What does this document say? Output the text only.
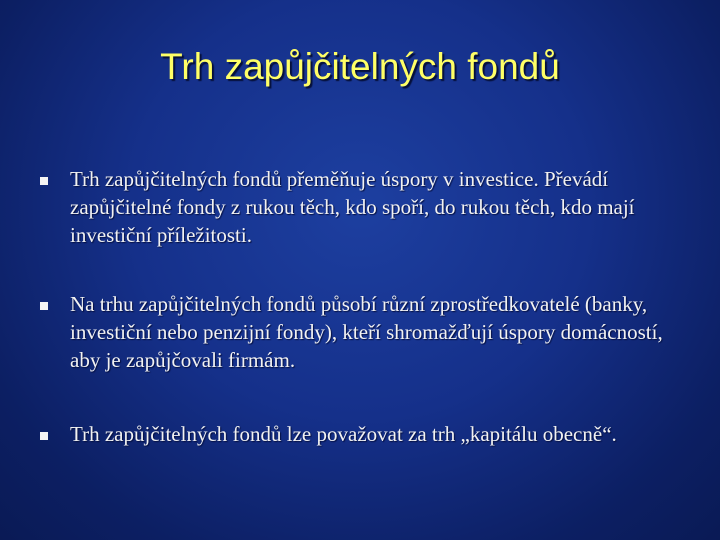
Trh zapůjčitelných fondů
Trh zapůjčitelných fondů přeměňuje úspory v investice. Převádí zapůjčitelné fondy z rukou těch, kdo spoří, do rukou těch, kdo mají investiční příležitosti.
Na trhu zapůjčitelných fondů působí různí zprostředkovatelé (banky, investiční nebo penzijní fondy), kteří shromažďují úspory domácností, aby je zapůjčovali firmám.
Trh zapůjčitelných fondů lze považovat za trh „kapitálu obecně“.
